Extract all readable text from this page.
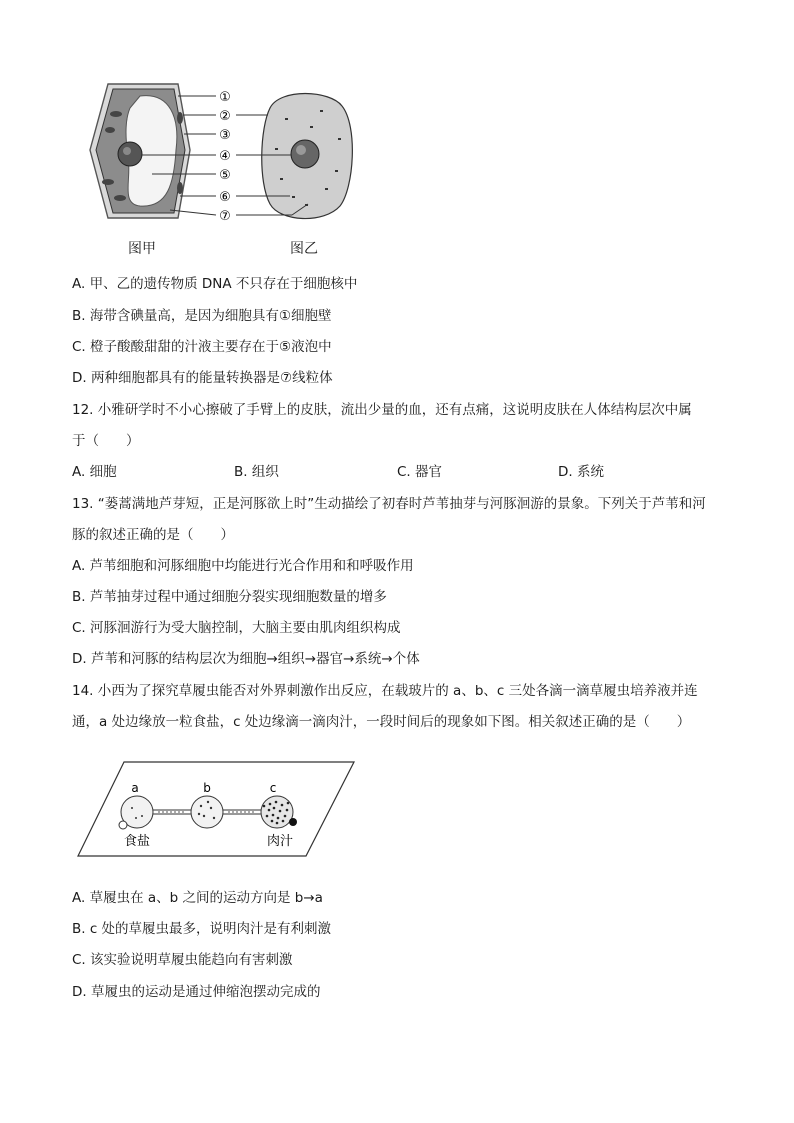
①
②
③
④
⑤
⑥
⑦
图甲	图乙
A. 甲、乙的遗传物质 DNA 不只存在于细胞核中
B. 海带含碘量高，是因为细胞具有①细胞壁
C. 橙子酸酸甜甜的汁液主要存在于⑤液泡中
D. 两种细胞都具有的能量转换器是⑦线粒体
12. 小雅研学时不小心擦破了手臂上的皮肤，流出少量的血，还有点痛，这说明皮肤在人体结构层次中属
于（　　）
A. 细胞	B. 组织	C. 器官	D. 系统
13. “蒌蒿满地芦芽短，正是河豚欲上时”生动描绘了初春时芦苇抽芽与河豚洄游的景象。下列关于芦苇和河
豚的叙述正确的是（　　）
A. 芦苇细胞和河豚细胞中均能进行光合作用和和呼吸作用
B. 芦苇抽芽过程中通过细胞分裂实现细胞数量的增多
C. 河豚洄游行为受大脑控制，大脑主要由肌肉组织构成
D. 芦苇和河豚的结构层次为细胞→组织→器官→系统→个体
14. 小西为了探究草履虫能否对外界刺激作出反应，在载玻片的 a、b、c 三处各滴一滴草履虫培养液并连
通，a 处边缘放一粒食盐，c 处边缘滴一滴肉汁，一段时间后的现象如下图。相关叙述正确的是（　　）
a	b	c
食盐	肉汁
A. 草履虫在 a、b 之间的运动方向是 b→a
B. c 处的草履虫最多，说明肉汁是有利刺激
C. 该实验说明草履虫能趋向有害刺激
D. 草履虫的运动是通过伸缩泡摆动完成的
